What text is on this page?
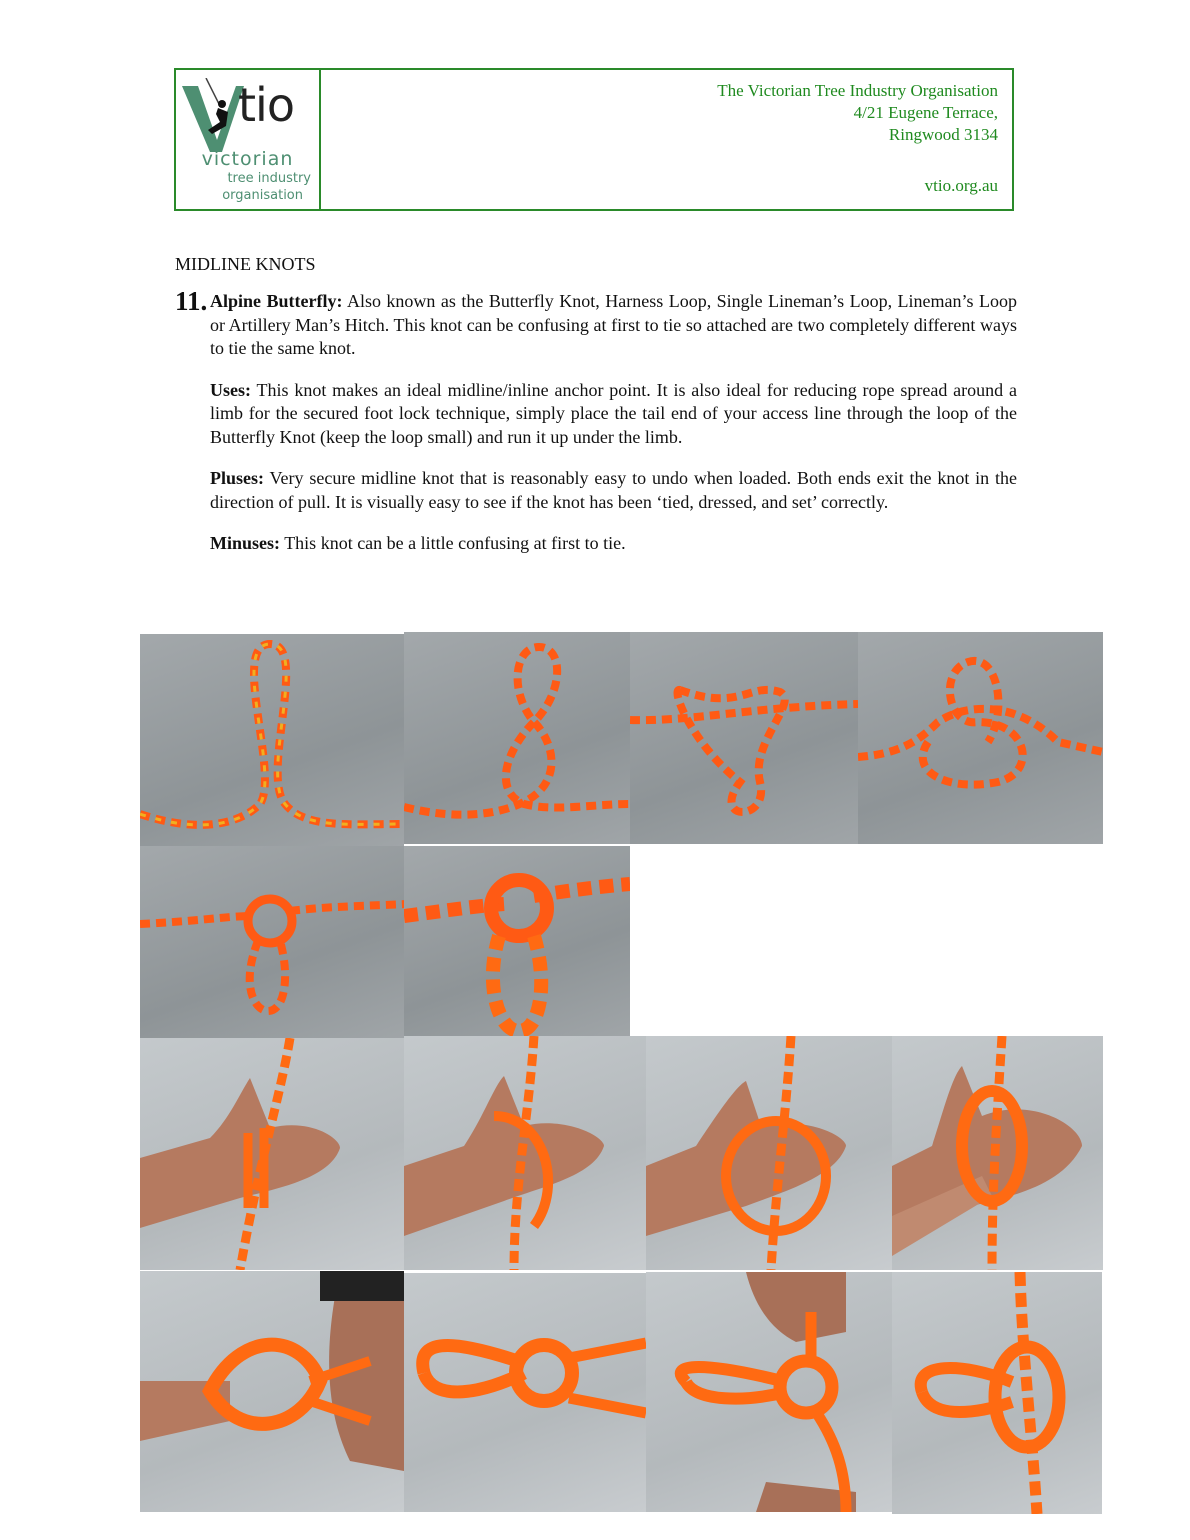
tio
victorian
tree industry
organisation
The Victorian Tree Industry Organisation
4/21 Eugene Terrace,
Ringwood 3134
vtio.org.au
MIDLINE KNOTS
11. Alpine Butterfly: Also known as the Butterfly Knot, Harness Loop, Single Lineman’s Loop, Lineman’s Loop or Artillery Man’s Hitch. This knot can be confusing at first to tie so attached are two completely different ways to tie the same knot.

Uses: This knot makes an ideal midline/inline anchor point. It is also ideal for reducing rope spread around a limb for the secured foot lock technique, simply place the tail end of your access line through the loop of the Butterfly Knot (keep the loop small) and run it up under the limb.

Pluses: Very secure midline knot that is reasonably easy to undo when loaded. Both ends exit the knot in the direction of pull. It is visually easy to see if the knot has been ‘tied, dressed, and set’ correctly.

Minuses: This knot can be a little confusing at first to tie.
